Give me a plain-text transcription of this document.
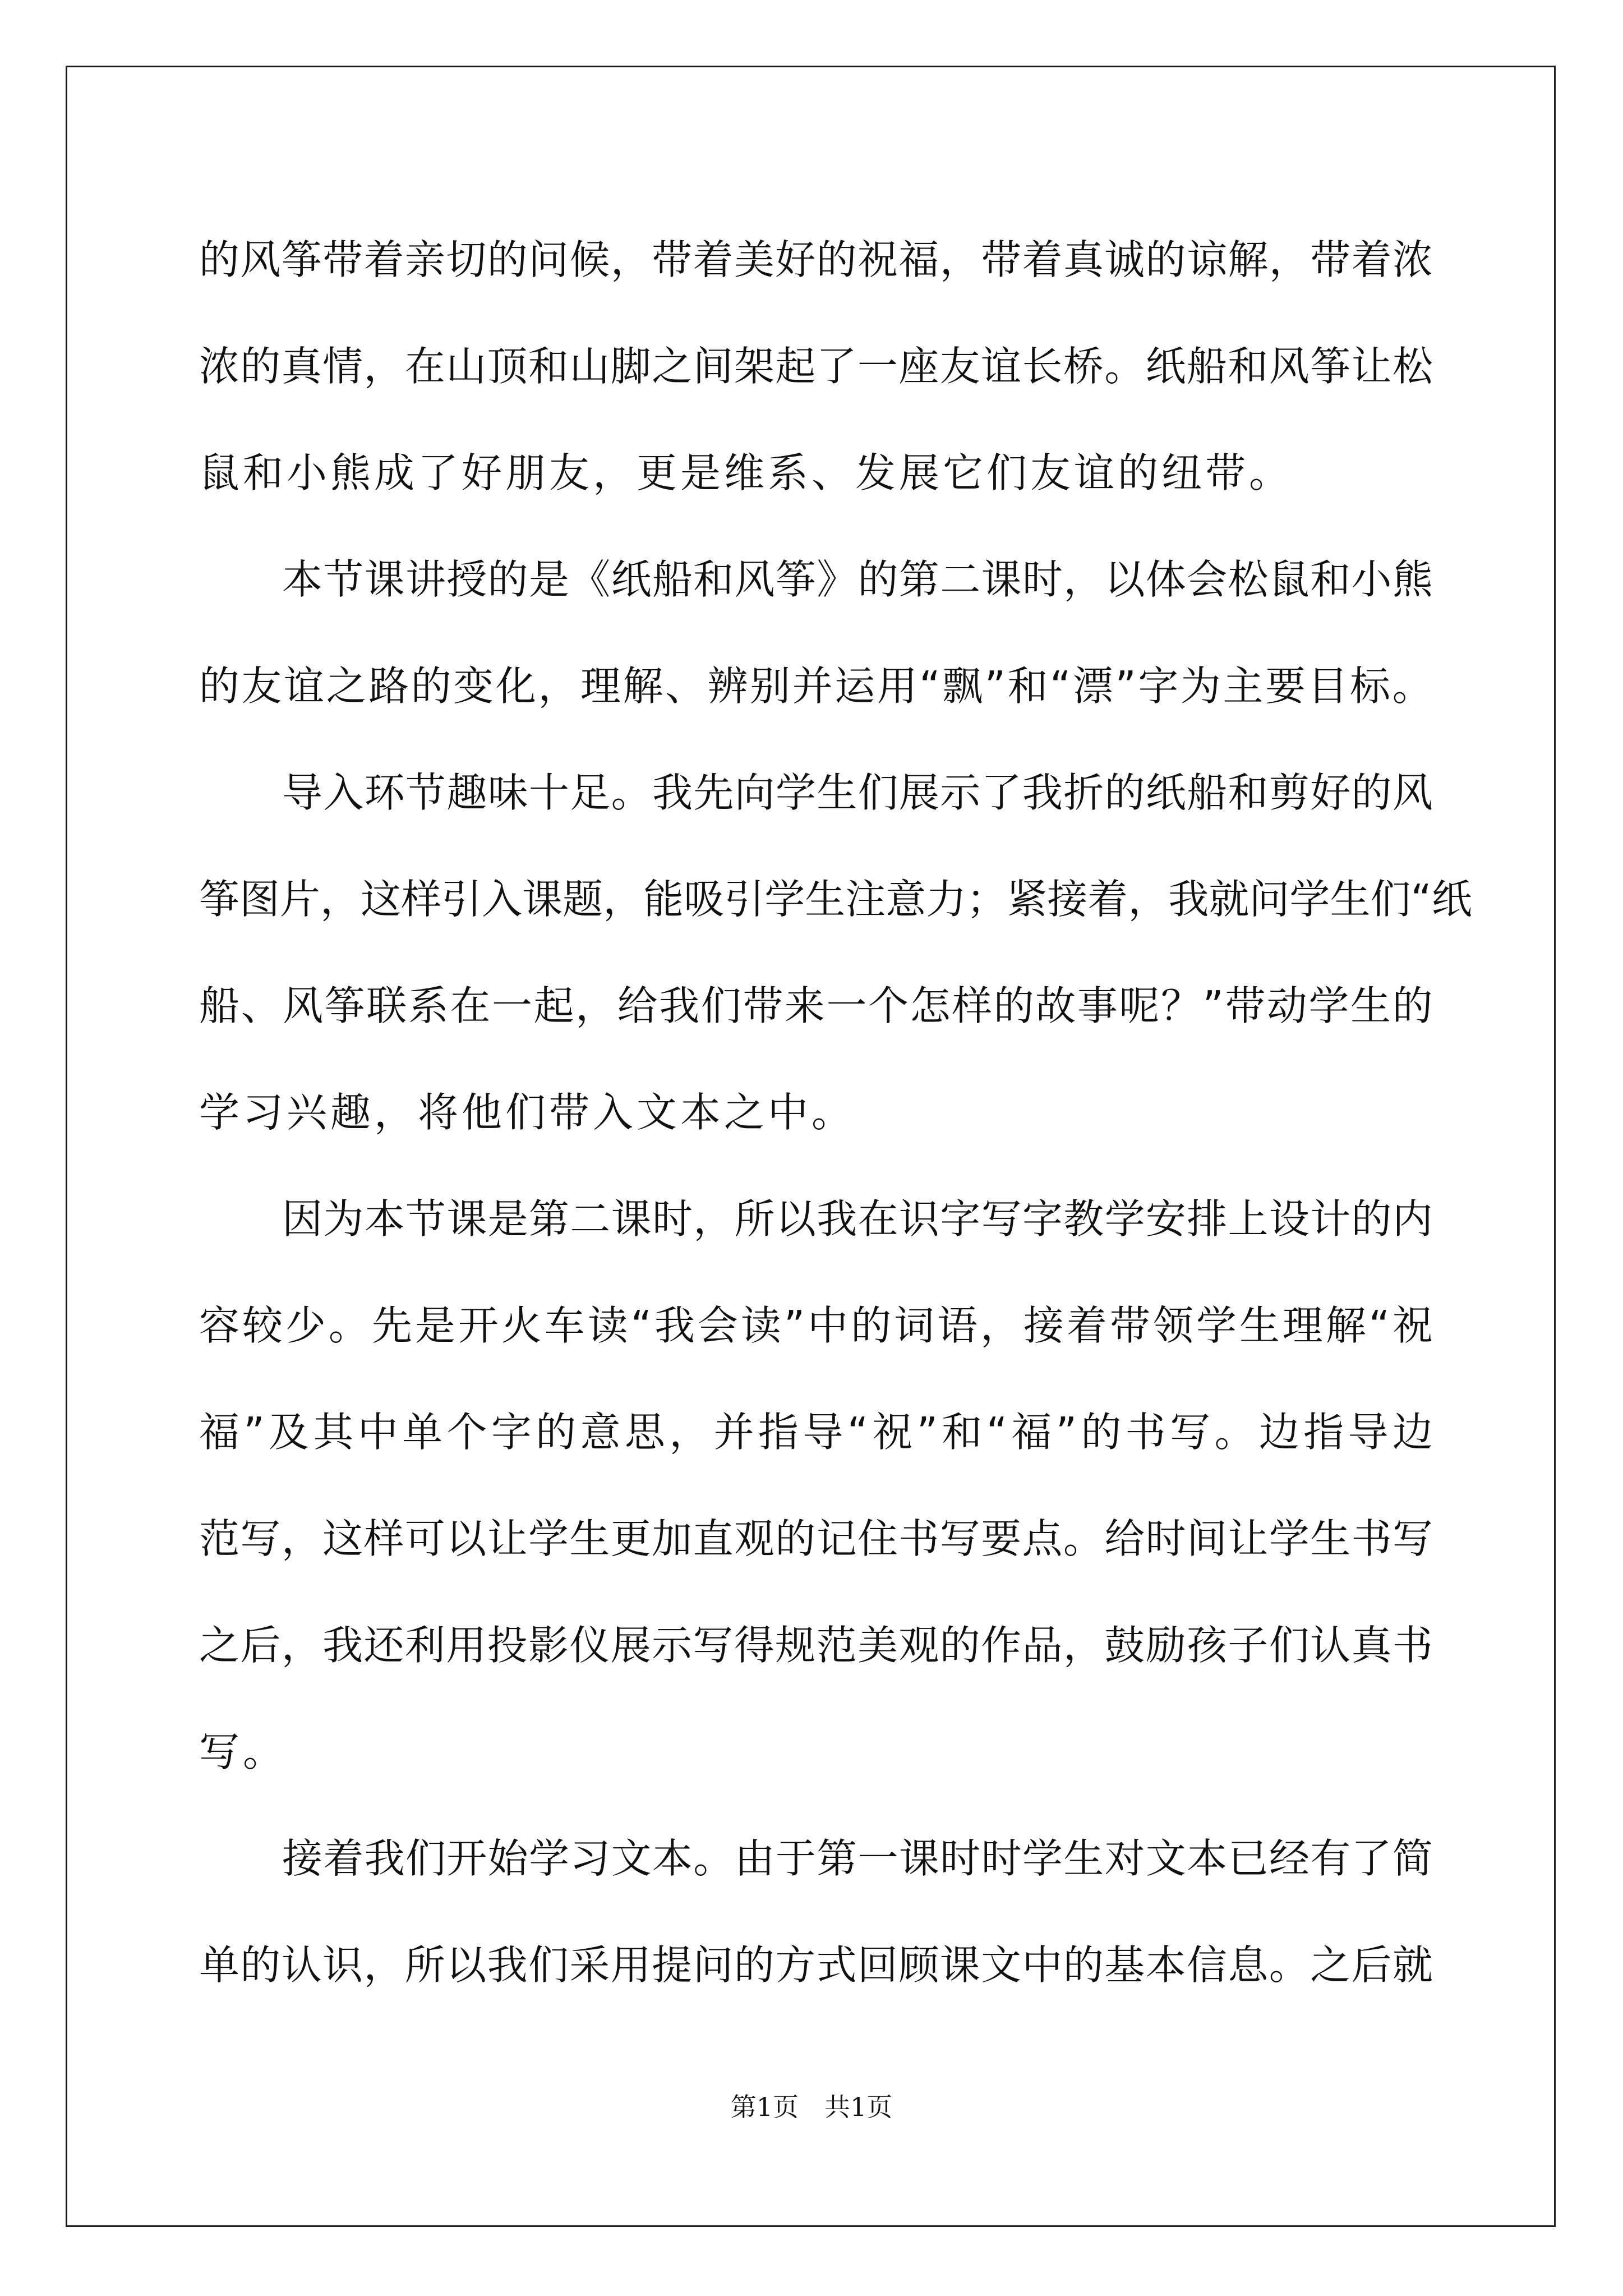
的 风 筝 带 着 亲 切 的 问 候 ， 带 着 美 好 的 祝 福 ， 带 着 真 诚 的 谅 解 ， 带 着 浓
浓 的 真 情 ， 在 山 顶 和 山 脚 之 间 架 起 了 一 座 友 谊 长 桥 。 纸 船 和 风 筝 让 松
鼠和小熊成了好朋友，更是维系、发展它们友谊的纽带。
本 节 课 讲 授 的 是 《 纸 船 和 风 筝 》 的 第 二 课 时 ， 以 体 会 松 鼠 和 小 熊
的 友 谊 之 路 的 变 化 ， 理 解 、 辨 别 并 运 用 “ 飘 ” 和 “ 漂 ” 字 为 主 要 目 标 。
导 入 环 节 趣 味 十 足 。 我 先 向 学 生 们 展 示 了 我 折 的 纸 船 和 剪 好 的 风
筝 图 片 ， 这 样 引 入 课 题 ， 能 吸 引 学 生 注 意 力 ； 紧 接 着 ， 我 就 问 学 生 们 “ 纸
船 、 风 筝 联 系 在 一 起 ， 给 我 们 带 来 一 个 怎 样 的 故 事 呢 ？ ” 带 动 学 生 的
学习兴趣，将他们带入文本之中。
因 为 本 节 课 是 第 二 课 时 ， 所 以 我 在 识 字 写 字 教 学 安 排 上 设 计 的 内
容 较 少 。 先 是 开 火 车 读 “ 我 会 读 ” 中 的 词 语 ， 接 着 带 领 学 生 理 解 “ 祝
福 ” 及 其 中 单 个 字 的 意 思 ， 并 指 导 “ 祝 ” 和 “ 福 ” 的 书 写 。 边 指 导 边
范 写 ， 这 样 可 以 让 学 生 更 加 直 观 的 记 住 书 写 要 点 。 给 时 间 让 学 生 书 写
之 后 ， 我 还 利 用 投 影 仪 展 示 写 得 规 范 美 观 的 作 品 ， 鼓 励 孩 子 们 认 真 书
写。
接 着 我 们 开 始 学 习 文 本 。 由 于 第 一 课 时 时 学 生 对 文 本 已 经 有 了 简
单 的 认 识 ， 所 以 我 们 采 用 提 问 的 方 式 回 顾 课 文 中 的 基 本 信 息 。 之 后 就
第1页　共1页
